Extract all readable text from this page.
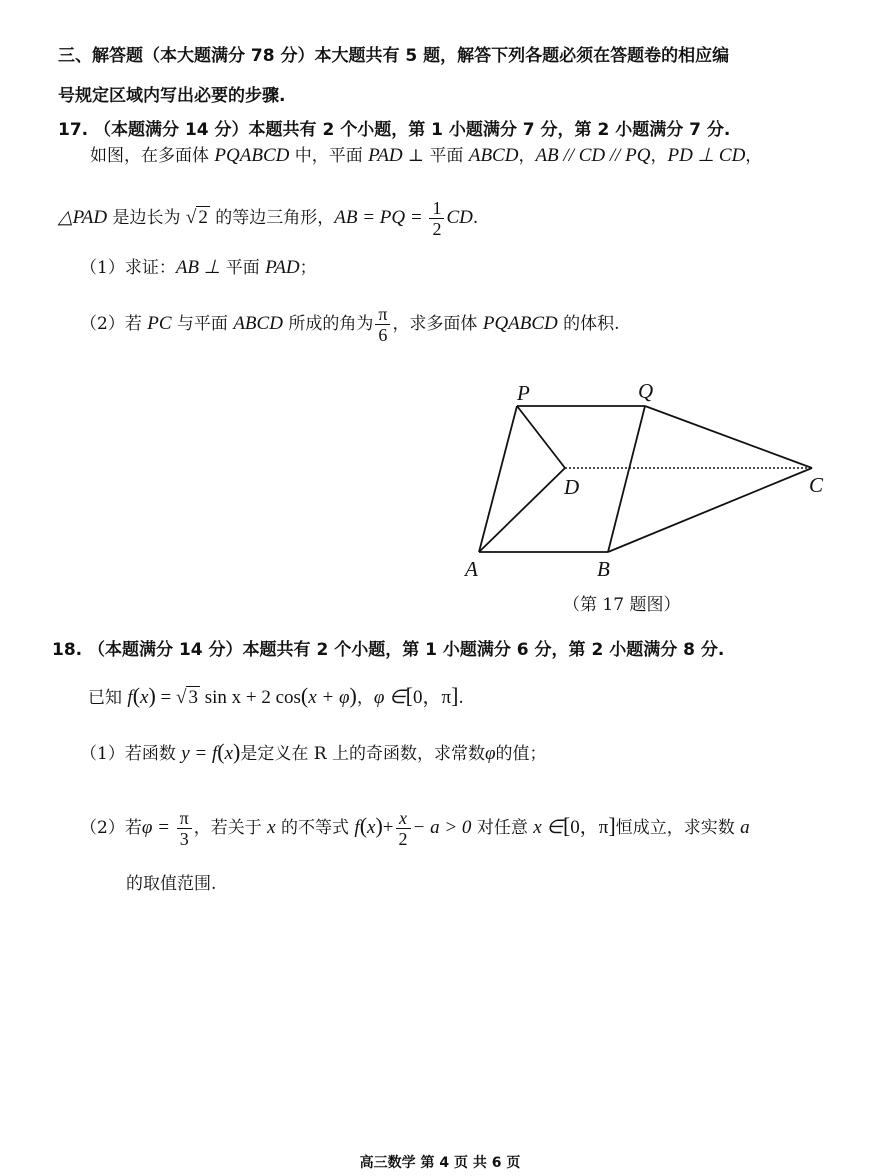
三、解答题（本大题满分 78 分）本大题共有 5 题，解答下列各题必须在答题卷的相应编
号规定区域内写出必要的步骤.
17. （本题满分 14 分）本题共有 2 个小题，第 1 小题满分 7 分，第 2 小题满分 7 分.
如图，在多面体 PQABCD 中，平面 PAD ⊥ 平面 ABCD，AB // CD // PQ，PD ⊥ CD，
△PAD 是边长为 √ 2 的等边三角形，AB = PQ = $\frac{1}{2}$ CD.
（1）求证：AB ⊥ 平面 PAD；
（2）若 PC 与平面 ABCD 所成的角为 $\frac{\pi}{6}$ ，求多面体 PQABCD 的体积.
P	Q
D	C
A	B
（第 17 题图）
18. （本题满分 14 分）本题共有 2 个小题，第 1 小题满分 6 分，第 2 小题满分 8 分.
已知 f(x) = √ 3 sin x + 2 cos(x + φ)，φ ∈[0，π].
（1）若函数 y = f(x)是定义在 R 上的奇函数，求常数φ的值；
（2）若$\varphi = \frac{\pi}{3}$ ，若关于 x 的不等式 $f(x)+ \frac{x}{2} - a > 0$ 对任意 x ∈[0，π]恒成立，求实数 a
的取值范围.
高三数学 第 4 页 共 6 页
